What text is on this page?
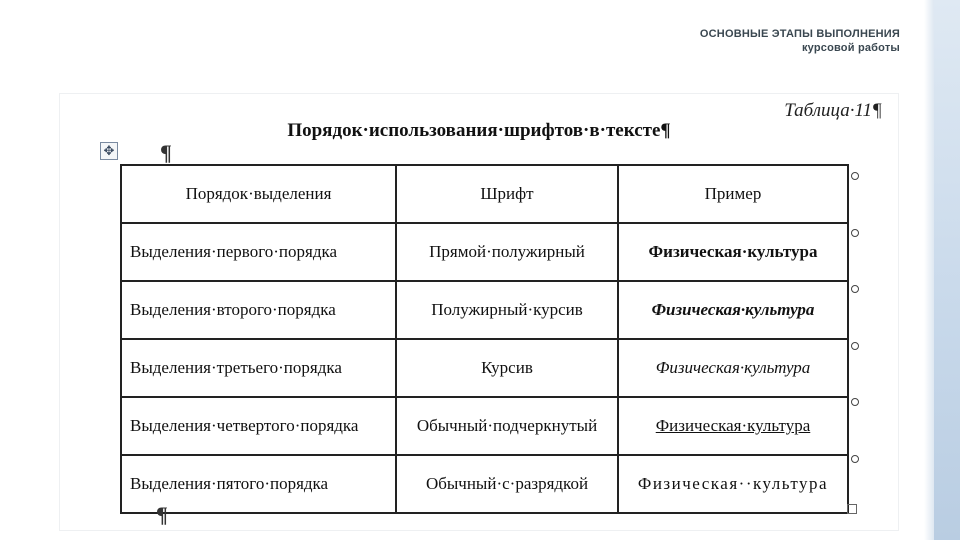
ОСНОВНЫЕ ЭТАПЫ ВЫПОЛНЕНИЯ
курсовой работы
Таблица·11¶
Порядок·использования·шрифтов·в·тексте¶
✥ ¶
Порядок·выделения	Шрифт	Пример
Выделения·первого·порядка	Прямой·полужирный	Физическая·культура
Выделения·второго·порядка	Полужирный·курсив	Физическая·культура
Выделения·третьего·порядка	Курсив	Физическая·культура
Выделения·четвертого·порядка	Обычный·подчеркнутый	Физическая·культура
Выделения·пятого·порядка	Обычный·с·разрядкой	Физическая··культура
¶
